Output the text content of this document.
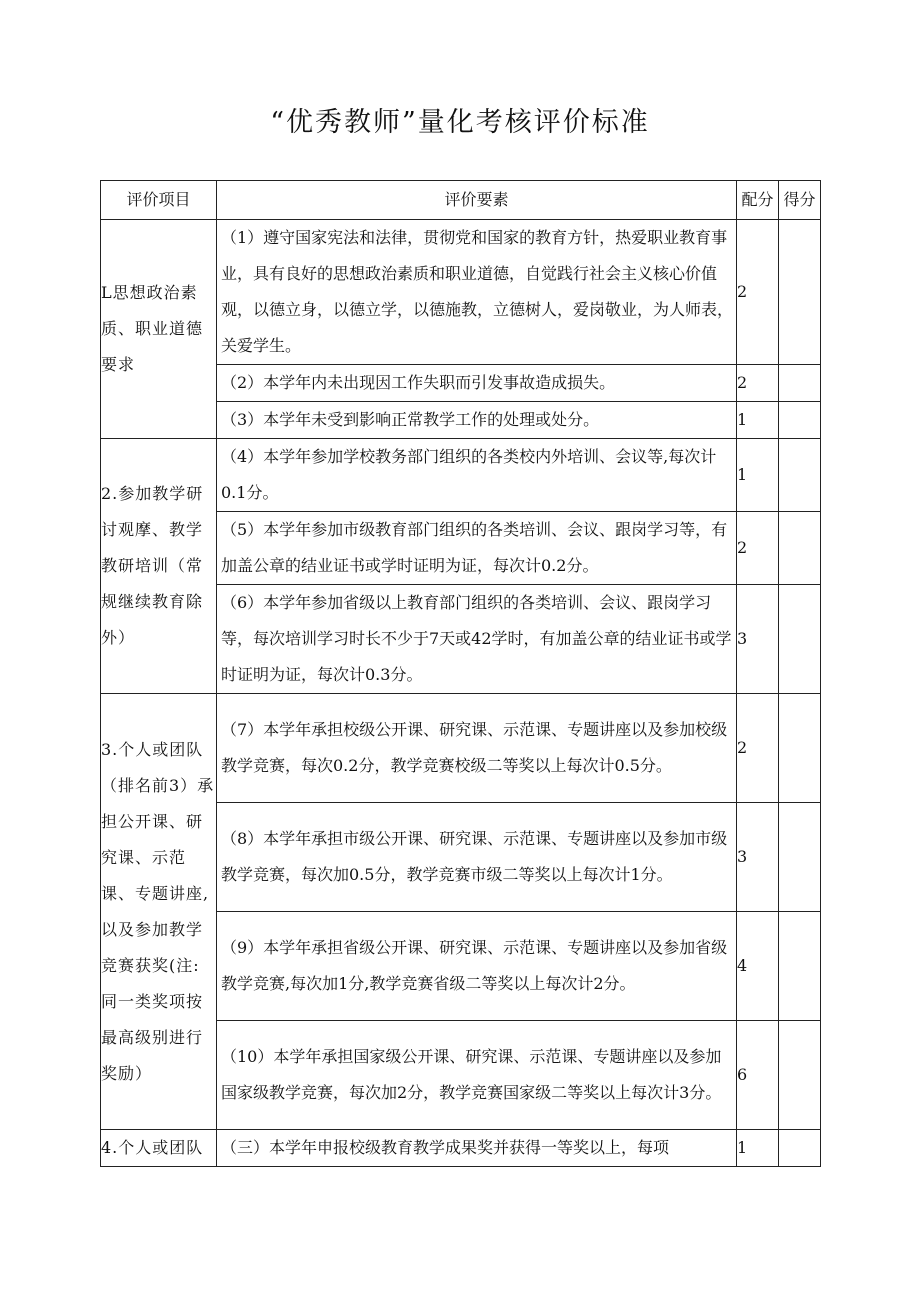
“优秀教师”量化考核评价标准
评价项目	评价要素	配分	得分
L思想政治素质、职业道德要求	（1）遵守国家宪法和法律，贯彻党和国家的教育方针，热爱职业教育事业，具有良好的思想政治素质和职业道德，自觉践行社会主义核心价值观，以德立身，以德立学，以德施教，立德树人，爱岗敬业，为人师表，关爱学生。	2	
	（2）本学年内未出现因工作失职而引发事故造成损失。	2	
	（3）本学年未受到影响正常教学工作的处理或处分。	1	
2.参加教学研讨观摩、教学教研培训（常规继续教育除外）	（4）本学年参加学校教务部门组织的各类校内外培训、会议等,每次计0.1分。	1	
	（5）本学年参加市级教育部门组织的各类培训、会议、跟岗学习等，有加盖公章的结业证书或学时证明为证，每次计0.2分。	2	
	（6）本学年参加省级以上教育部门组织的各类培训、会议、跟岗学习等，每次培训学习时长不少于7天或42学时，有加盖公章的结业证书或学时证明为证，每次计0.3分。	3	
3.个人或团队（排名前3）承担公开课、研究课、示范课、专题讲座,以及参加教学竞赛获奖(注:同一类奖项按最高级别进行奖励）	（7）本学年承担校级公开课、研究课、示范课、专题讲座以及参加校级教学竞赛，每次0.2分，教学竞赛校级二等奖以上每次计0.5分。	2	
	（8）本学年承担市级公开课、研究课、示范课、专题讲座以及参加市级教学竞赛，每次加0.5分，教学竞赛市级二等奖以上每次计1分。	3	
	（9）本学年承担省级公开课、研究课、示范课、专题讲座以及参加省级教学竞赛,每次加1分,教学竞赛省级二等奖以上每次计2分。	4	
	（10）本学年承担国家级公开课、研究课、示范课、专题讲座以及参加国家级教学竞赛，每次加2分，教学竞赛国家级二等奖以上每次计3分。	6	
4.个人或团队	（三）本学年申报校级教育教学成果奖并获得一等奖以上，每项	1	
